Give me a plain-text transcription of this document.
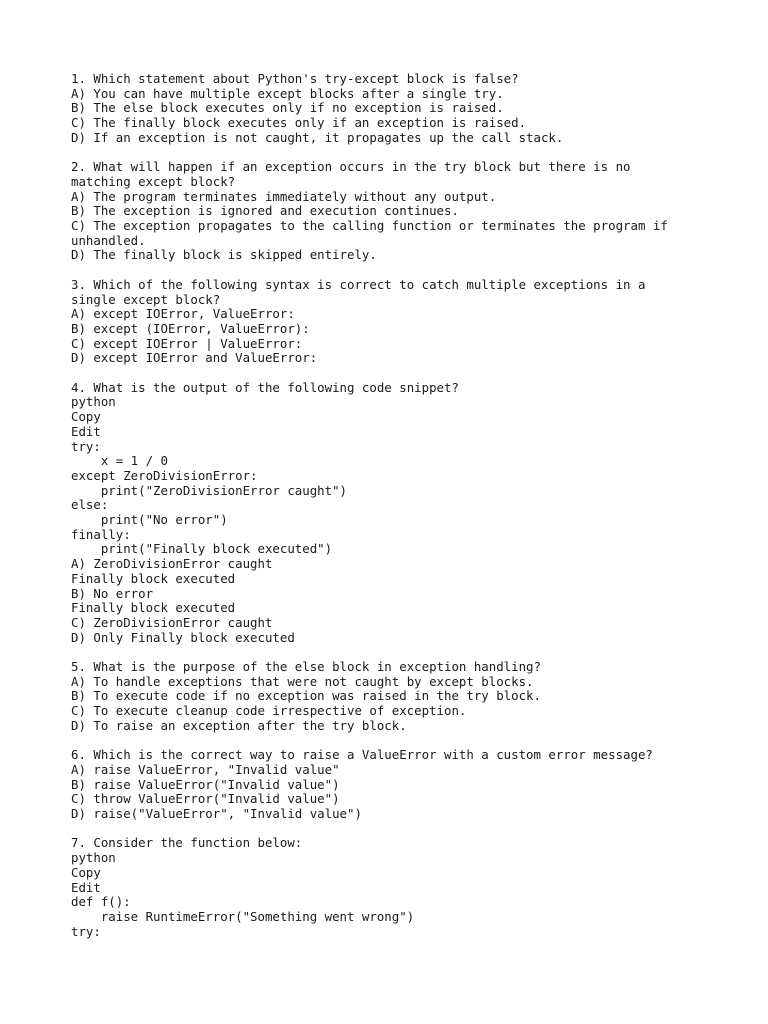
1. Which statement about Python's try-except block is false?
A) You can have multiple except blocks after a single try.
B) The else block executes only if no exception is raised.
C) The finally block executes only if an exception is raised.
D) If an exception is not caught, it propagates up the call stack.
2. What will happen if an exception occurs in the try block but there is no
matching except block?
A) The program terminates immediately without any output.
B) The exception is ignored and execution continues.
C) The exception propagates to the calling function or terminates the program if
unhandled.
D) The finally block is skipped entirely.
3. Which of the following syntax is correct to catch multiple exceptions in a
single except block?
A) except IOError, ValueError:
B) except (IOError, ValueError):
C) except IOError | ValueError:
D) except IOError and ValueError:
4. What is the output of the following code snippet?
python
Copy
Edit
try:
x = 1 / 0
except ZeroDivisionError:
print("ZeroDivisionError caught")
else:
print("No error")
finally:
print("Finally block executed")
A) ZeroDivisionError caught
Finally block executed
B) No error
Finally block executed
C) ZeroDivisionError caught
D) Only Finally block executed
5. What is the purpose of the else block in exception handling?
A) To handle exceptions that were not caught by except blocks.
B) To execute code if no exception was raised in the try block.
C) To execute cleanup code irrespective of exception.
D) To raise an exception after the try block.
6. Which is the correct way to raise a ValueError with a custom error message?
A) raise ValueError, "Invalid value"
B) raise ValueError("Invalid value")
C) throw ValueError("Invalid value")
D) raise("ValueError", "Invalid value")
7. Consider the function below:
python
Copy
Edit
def f():
raise RuntimeError("Something went wrong")
try:
